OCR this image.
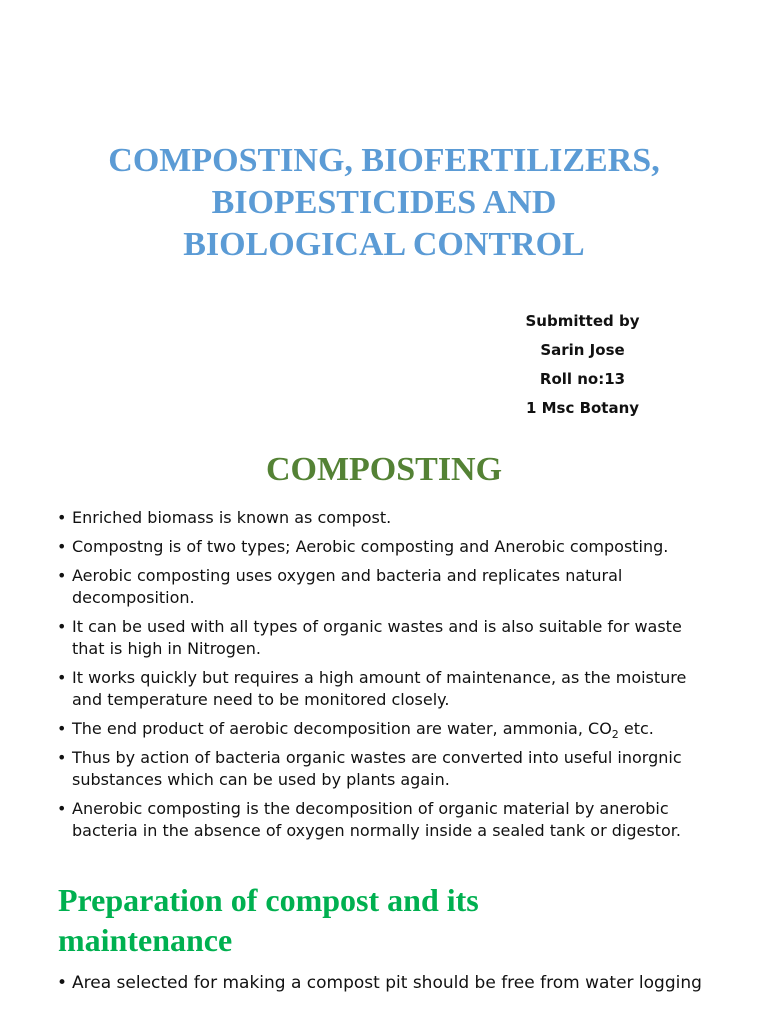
COMPOSTING, BIOFERTILIZERS,
BIOPESTICIDES AND
BIOLOGICAL CONTROL
Submitted by
Sarin Jose
Roll no:13
1 Msc Botany
COMPOSTING
• Enriched biomass is known as compost.
• Compostng is of two types; Aerobic composting and Anerobic composting.
• Aerobic composting uses oxygen and bacteria and replicates natural decomposition.
• It can be used with all types of organic wastes and is also suitable for waste that is high in Nitrogen.
• It works quickly but requires a high amount of maintenance, as the moisture and temperature need to be monitored closely.
• The end product of aerobic decomposition are water, ammonia, $CO_2$ etc.
• Thus by action of bacteria organic wastes are converted into useful inorgnic substances which can be used by plants again.
• Anerobic composting is the decomposition of organic material by anerobic bacteria in the absence of oxygen normally inside a sealed tank or digestor.
Preparation of compost and its
maintenance
• Area selected for making a compost pit should be free from water logging
